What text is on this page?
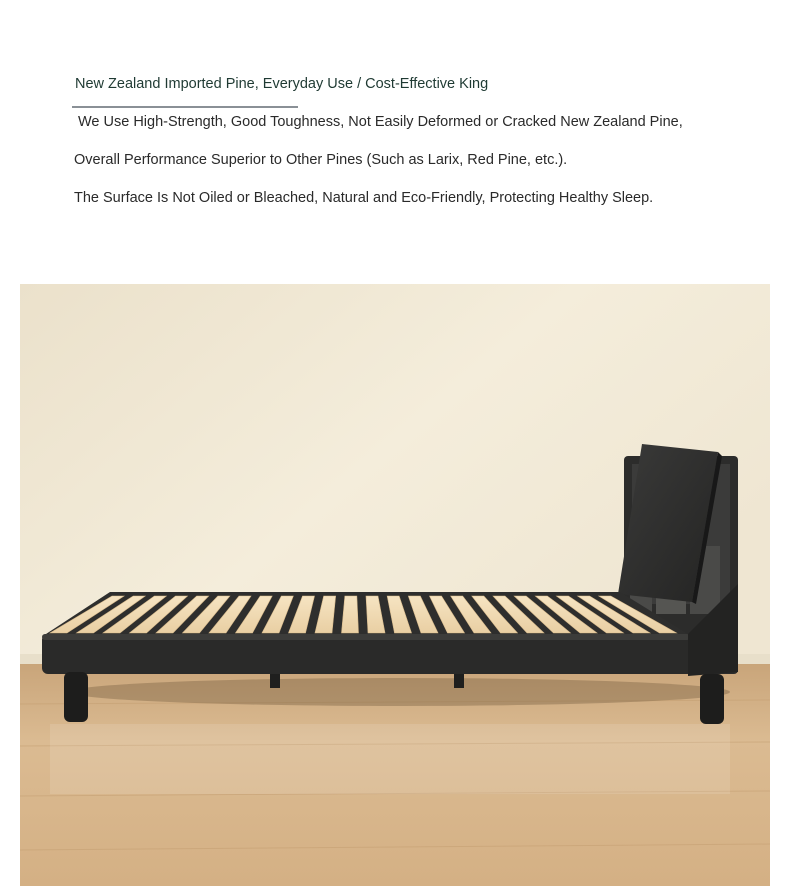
New Zealand Imported Pine, Everyday Use / Cost-Effective King
We Use High-Strength, Good Toughness, Not Easily Deformed or Cracked New Zealand Pine,
Overall Performance Superior to Other Pines (Such as Larix, Red Pine, etc.).
The Surface Is Not Oiled or Bleached, Natural and Eco-Friendly, Protecting Healthy Sleep.
